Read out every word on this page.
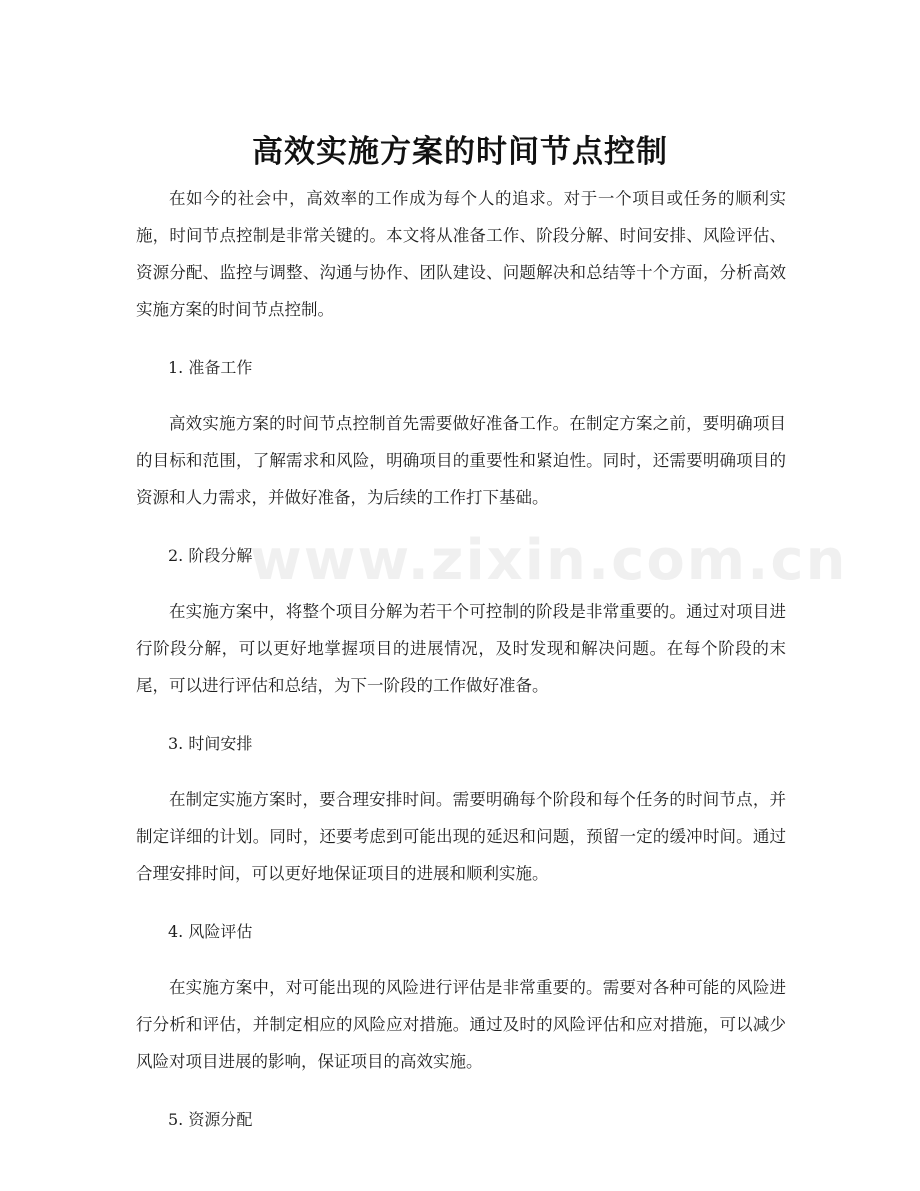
www.zixin.com.cn
高效实施方案的时间节点控制

在如今的社会中，高效率的工作成为每个人的追求。对于一个项目或任务的顺利实施，时间节点控制是非常关键的。本文将从准备工作、阶段分解、时间安排、风险评估、资源分配、监控与调整、沟通与协作、团队建设、问题解决和总结等十个方面，分析高效实施方案的时间节点控制。

1. 准备工作

高效实施方案的时间节点控制首先需要做好准备工作。在制定方案之前，要明确项目的目标和范围，了解需求和风险，明确项目的重要性和紧迫性。同时，还需要明确项目的资源和人力需求，并做好准备，为后续的工作打下基础。

2. 阶段分解

在实施方案中，将整个项目分解为若干个可控制的阶段是非常重要的。通过对项目进行阶段分解，可以更好地掌握项目的进展情况，及时发现和解决问题。在每个阶段的末尾，可以进行评估和总结，为下一阶段的工作做好准备。

3. 时间安排

在制定实施方案时，要合理安排时间。需要明确每个阶段和每个任务的时间节点，并制定详细的计划。同时，还要考虑到可能出现的延迟和问题，预留一定的缓冲时间。通过合理安排时间，可以更好地保证项目的进展和顺利实施。

4. 风险评估

在实施方案中，对可能出现的风险进行评估是非常重要的。需要对各种可能的风险进行分析和评估，并制定相应的风险应对措施。通过及时的风险评估和应对措施，可以减少风险对项目进展的影响，保证项目的高效实施。

5. 资源分配
